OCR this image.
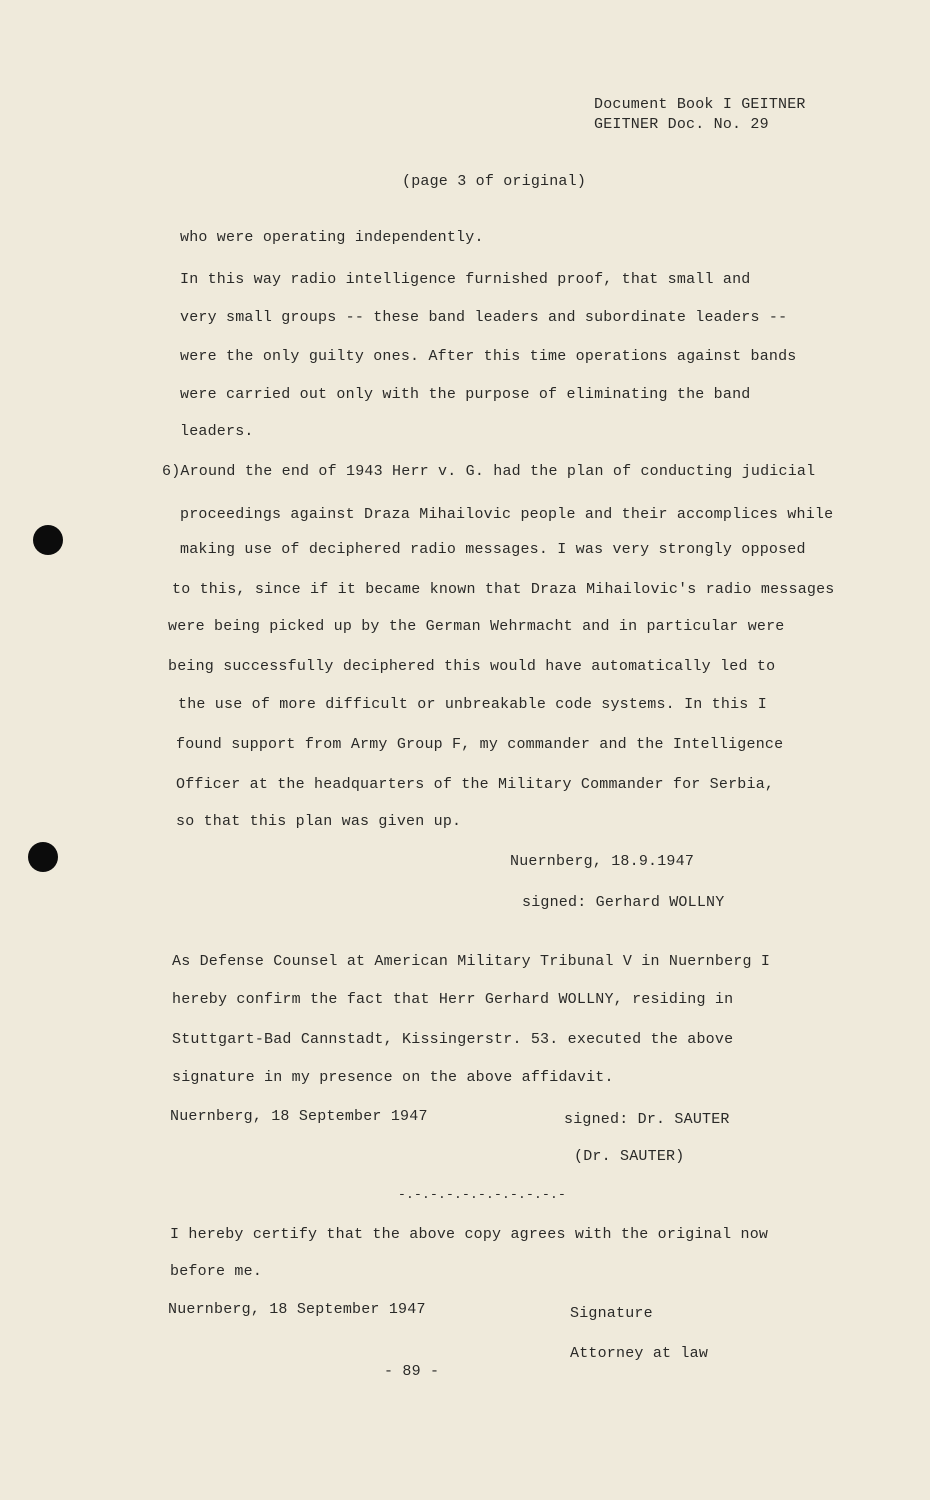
Document Book I GEITNER
GEITNER Doc. No. 29
(page 3 of original)
who were operating independently.
In this way radio intelligence furnished proof, that small and
very small groups -- these band leaders and subordinate leaders --
were the only guilty ones. After this time operations against bands
were carried out only with the purpose of eliminating the band
leaders.
6)Around the end of 1943 Herr v. G. had the plan of conducting judicial
proceedings against Draza Mihailovic people and their accomplices while
making use of deciphered radio messages. I was very strongly opposed
to this, since if it became known that Draza Mihailovic's radio messages
were being picked up by the German Wehrmacht and in particular were
being successfully deciphered this would have automatically led to
the use of more difficult or unbreakable code systems. In this I
found support from Army Group F, my commander and the Intelligence
Officer at the headquarters of the Military Commander for Serbia,
so that this plan was given up.
Nuernberg, 18.9.1947
signed: Gerhard WOLLNY
As Defense Counsel at American Military Tribunal V in Nuernberg I
hereby confirm the fact that Herr Gerhard WOLLNY, residing in
Stuttgart-Bad Cannstadt, Kissingerstr. 53. executed the above
signature in my presence on the above affidavit.
Nuernberg, 18 September 1947	signed: Dr. SAUTER
(Dr. SAUTER)
-.-.-.-.-.-.-.-.-.-.-
I hereby certify that the above copy agrees with the original now
before me.
Nuernberg, 18 September 1947	Signature
Attorney at law
- 89 -
